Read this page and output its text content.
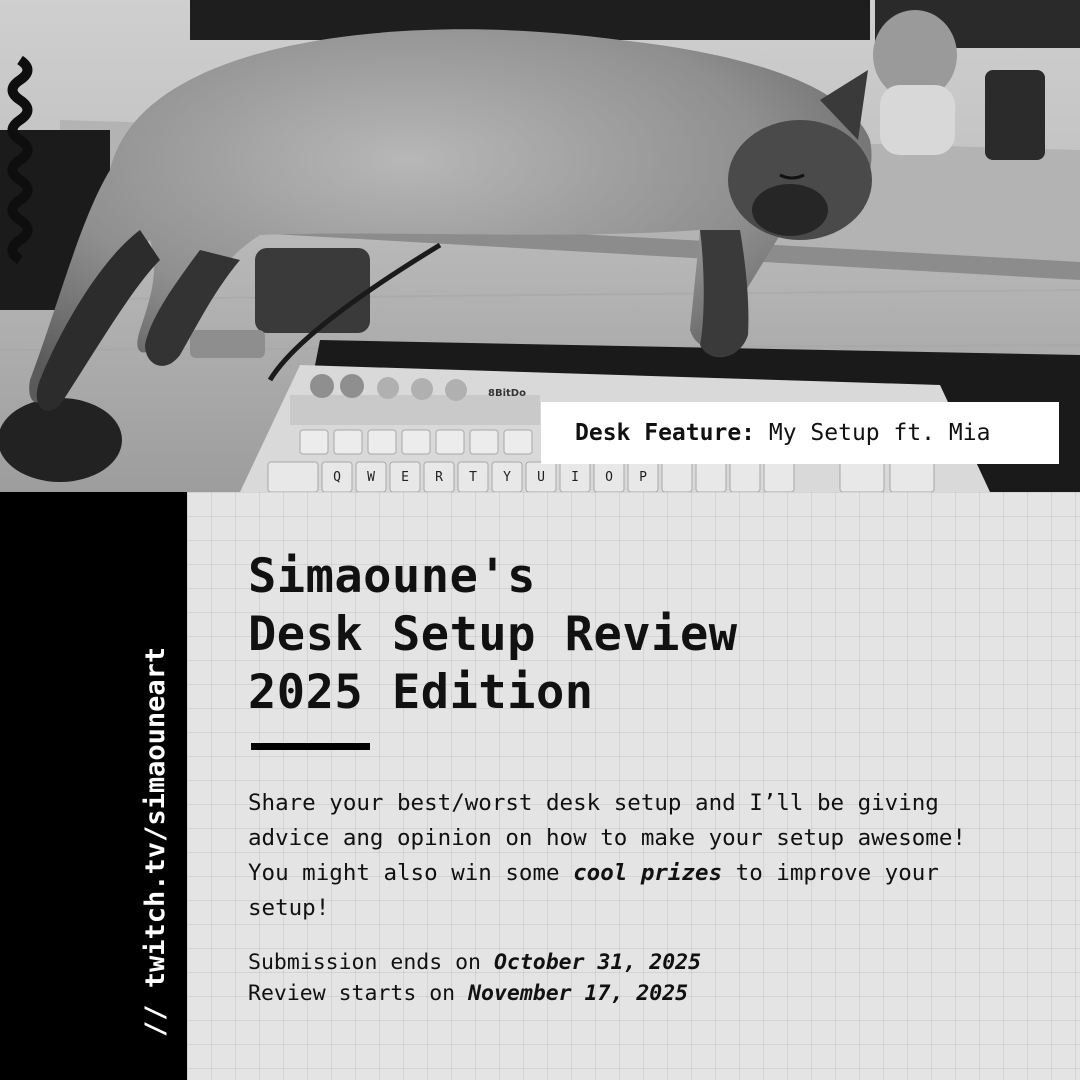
8BitDo
Q W E R T Y U I O P
Desk Feature: My Setup ft. Mia
// twitch.tv/simaouneart
Simaoune's
Desk Setup Review
2025 Edition

Share your best/worst desk setup and I’ll be giving advice ang opinion on how to make your setup awesome! You might also win some cool prizes to improve your setup!

Submission ends on October 31, 2025
Review starts on November 17, 2025
